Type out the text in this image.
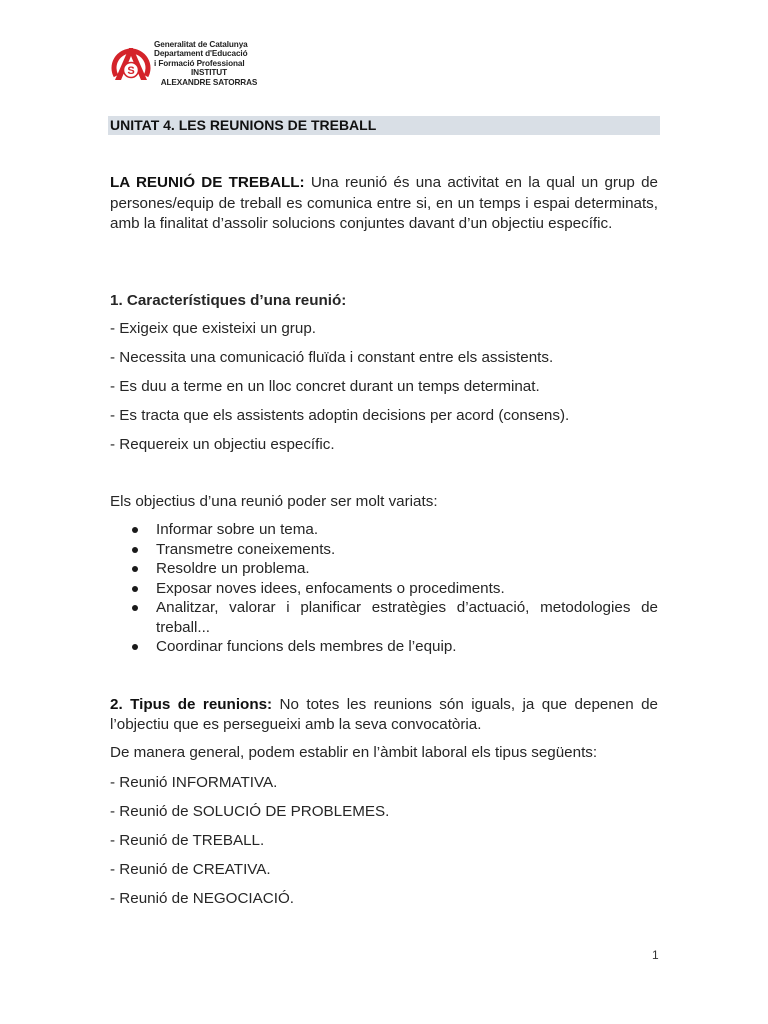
S
Generalitat de Catalunya
Departament d'Educació
i Formació Professional
INSTITUT
ALEXANDRE SATORRAS
UNITAT 4. LES REUNIONS DE TREBALL

LA REUNIÓ DE TREBALL: Una reunió és una activitat en la qual un grup de persones/equip de treball es comunica entre si, en un temps i espai determinats, amb la finalitat d’assolir solucions conjuntes davant d’un objectiu específic.

1. Característiques d’una reunió:
- Exigeix que existeixi un grup.
- Necessita una comunicació fluïda i constant entre els assistents.
- Es duu a terme en un lloc concret durant un temps determinat.
- Es tracta que els assistents adoptin decisions per acord (consens).
- Requereix un objectiu específic.
Els objectius d’una reunió poder ser molt variats:
Informar sobre un tema.
Transmetre coneixements.
Resoldre un problema.
Exposar noves idees, enfocaments o procediments.
Analitzar, valorar i planificar estratègies d’actuació, metodologies de treball...
Coordinar funcions dels membres de l’equip.

2. Tipus de reunions: No totes les reunions són iguals, ja que depenen de l’objectiu que es persegueixi amb la seva convocatòria.

De manera general, podem establir en l’àmbit laboral els tipus següents:
- Reunió INFORMATIVA.
- Reunió de SOLUCIÓ DE PROBLEMES.
- Reunió de TREBALL.
- Reunió de CREATIVA.
- Reunió de NEGOCIACIÓ.
1
